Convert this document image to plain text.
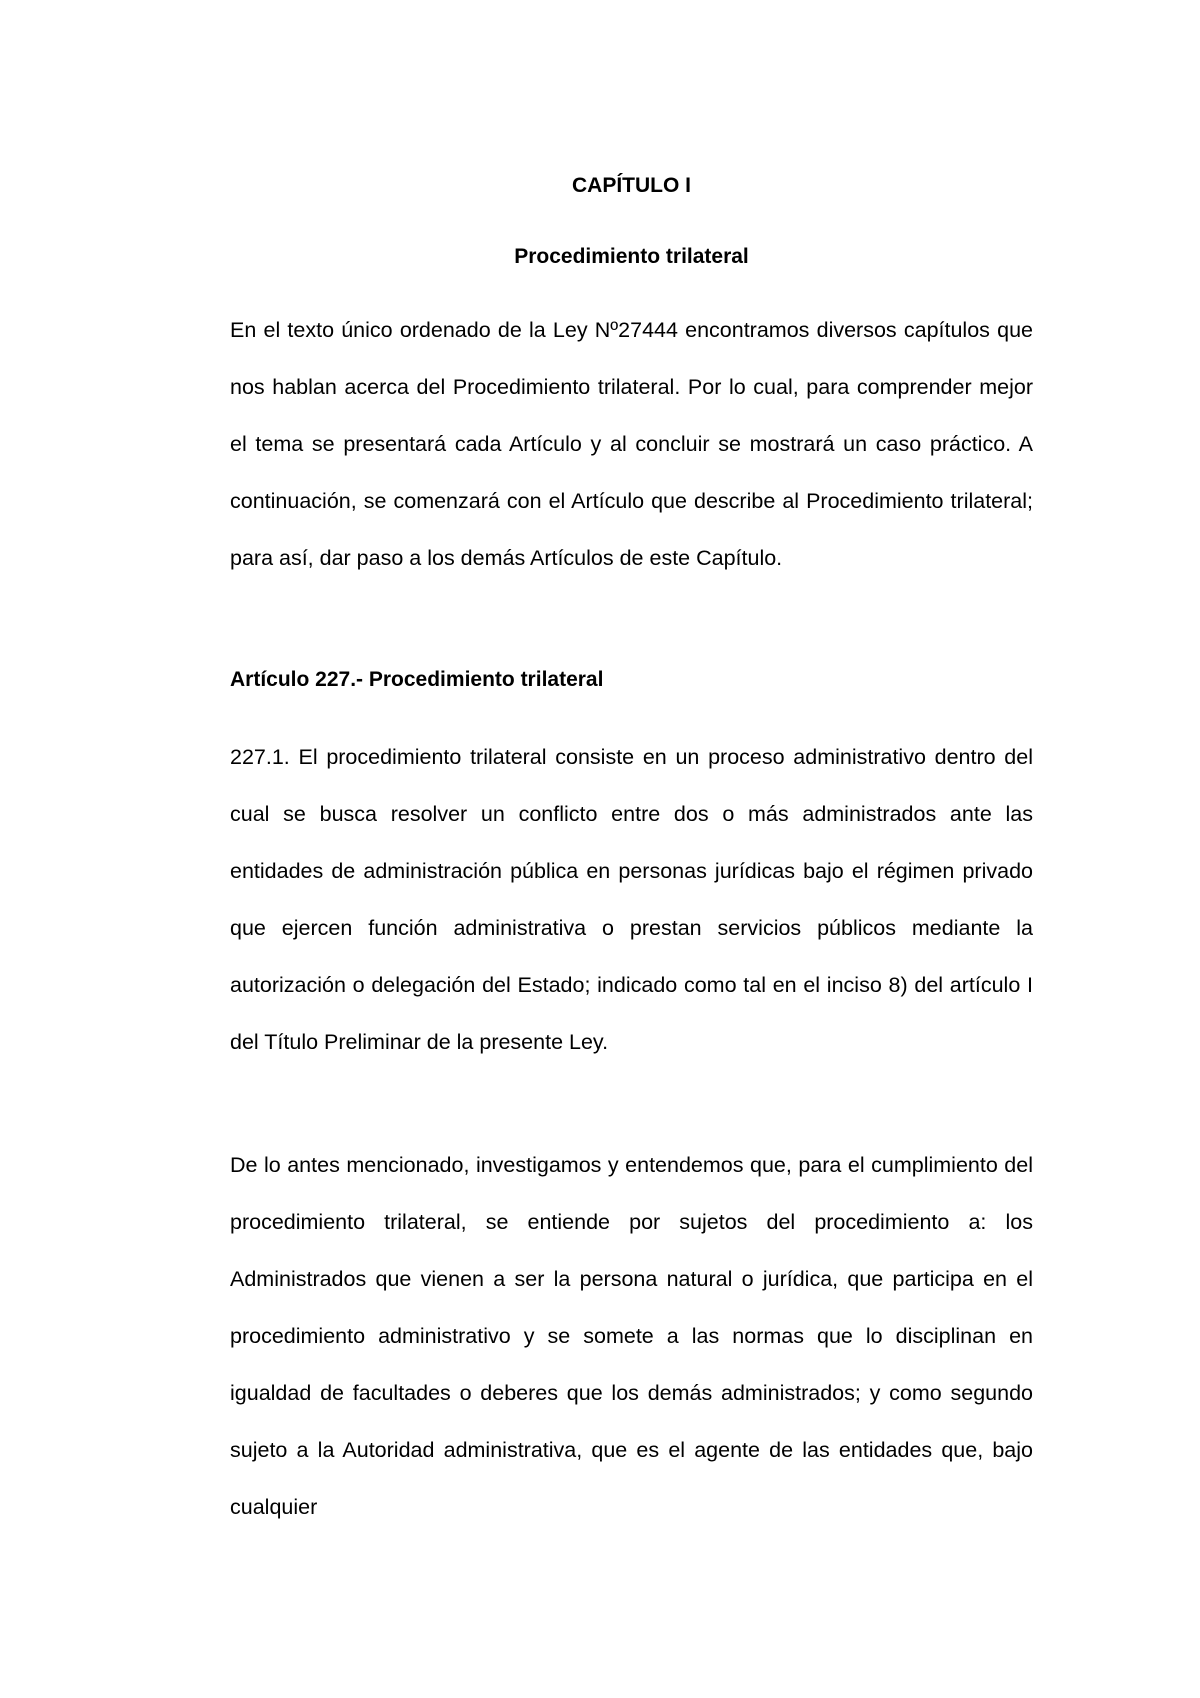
CAPÍTULO I
Procedimiento trilateral

En el texto único ordenado de la Ley Nº27444 encontramos diversos capítulos que nos hablan acerca del Procedimiento trilateral. Por lo cual, para comprender mejor el tema se presentará cada Artículo y al concluir se mostrará un caso práctico. A continuación, se comenzará con el Artículo que describe al Procedimiento trilateral; para así, dar paso a los demás Artículos de este Capítulo.

Artículo 227.- Procedimiento trilateral

227.1. El procedimiento trilateral consiste en un proceso administrativo dentro del cual se busca resolver un conflicto entre dos o más administrados ante las entidades de administración pública en personas jurídicas bajo el régimen privado que ejercen función administrativa o prestan servicios públicos mediante la autorización o delegación del Estado; indicado como tal en el inciso 8) del artículo I del Título Preliminar de la presente Ley.

De lo antes mencionado, investigamos y entendemos que, para el cumplimiento del procedimiento trilateral, se entiende por sujetos del procedimiento a: los Administrados que vienen a ser la persona natural o jurídica, que participa en el procedimiento administrativo y se somete a las normas que lo disciplinan en igualdad de facultades o deberes que los demás administrados; y como segundo sujeto a la Autoridad administrativa, que es el agente de las entidades que, bajo cualquier
